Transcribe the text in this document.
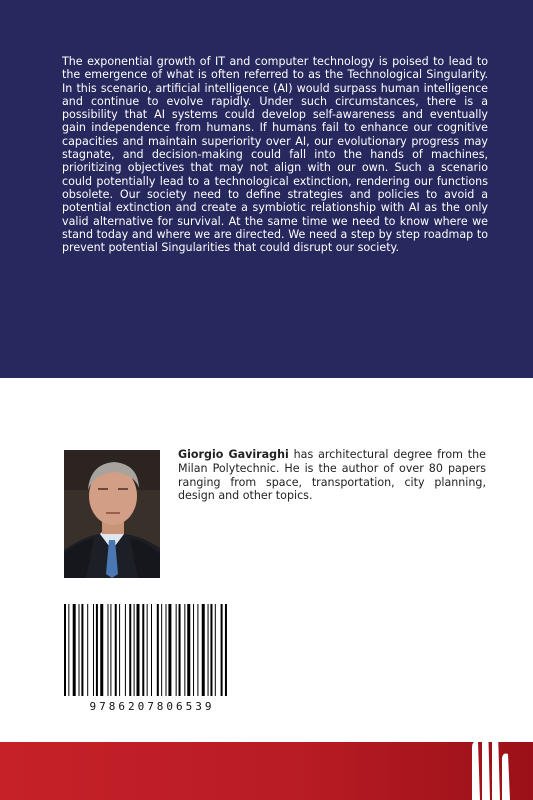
The exponential growth of IT and computer technology is poised to lead to the emergence of what is often referred to as the Technological Singularity. In this scenario, artificial intelligence (AI) would surpass human intelligence and continue to evolve rapidly. Under such circumstances, there is a possibility that AI systems could develop self-awareness and eventually gain independence from humans. If humans fail to enhance our cognitive capacities and maintain superiority over AI, our evolutionary progress may stagnate, and decision-making could fall into the hands of machines, prioritizing objectives that may not align with our own. Such a scenario could potentially lead to a technological extinction, rendering our functions obsolete. Our society need to define strategies and policies to avoid a potential extinction and create a symbiotic relationship with AI as the only valid alternative for survival. At the same time we need to know where we stand today and where we are directed. We need a step by step roadmap to prevent potential Singularities that could disrupt our society.

Giorgio Gaviraghi has architectural degree from the Milan Polytechnic. He is the author of over 80 papers ranging from space, transportation, city planning, design and other topics.

9786207806539
